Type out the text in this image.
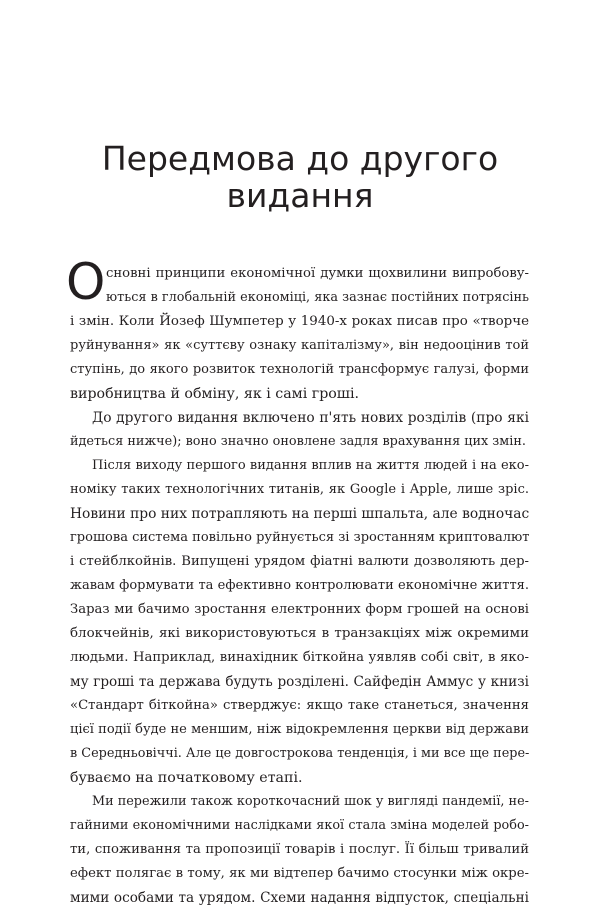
Передмова до другого
видання
О сновні принципи економічної думки щохвилини випробову-
ються в глобальній економіці, яка зазнає постійних потрясінь
і змін. Коли Йозеф Шумпетер у 1940-х роках писав про «творче
руйнування» як «суттєву ознаку капіталізму», він недооцінив той
ступінь, до якого розвиток технологій трансформує галузі, форми
виробництва й обміну, як і самі гроші.
До другого видання включено п'ять нових розділів (про які
йдеться нижче); воно значно оновлене задля врахування цих змін.
Після виходу першого видання вплив на життя людей і на еко-
номіку таких технологічних титанів, як Google і Apple, лише зріс.
Новини про них потрапляють на перші шпальта, але водночас
грошова система повільно руйнується зі зростанням криптовалют
і стейблкойнів. Випущені урядом фіатні валюти дозволяють дер-
жавам формувати та ефективно контролювати економічне життя.
Зараз ми бачимо зростання електронних форм грошей на основі
блокчейнів, які використовуються в транзакціях між окремими
людьми. Наприклад, винахідник біткойна уявляв собі світ, в яко-
му гроші та держава будуть розділені. Сайфедін Аммус у книзі
«Стандарт біткойна» стверджує: якщо таке станеться, значення
цієї події буде не меншим, ніж відокремлення церкви від держави
в Середньовіччі. Але це довгострокова тенденція, і ми все ще пере-
буваємо на початковому етапі.
Ми пережили також короткочасний шок у вигляді пандемії, не-
гайними економічними наслідками якої стала зміна моделей робо-
ти, споживання та пропозиції товарів і послуг. Її більш тривалий
ефект полягає в тому, як ми відтепер бачимо стосунки між окре-
мими особами та урядом. Схеми надання відпусток, спеціальні
